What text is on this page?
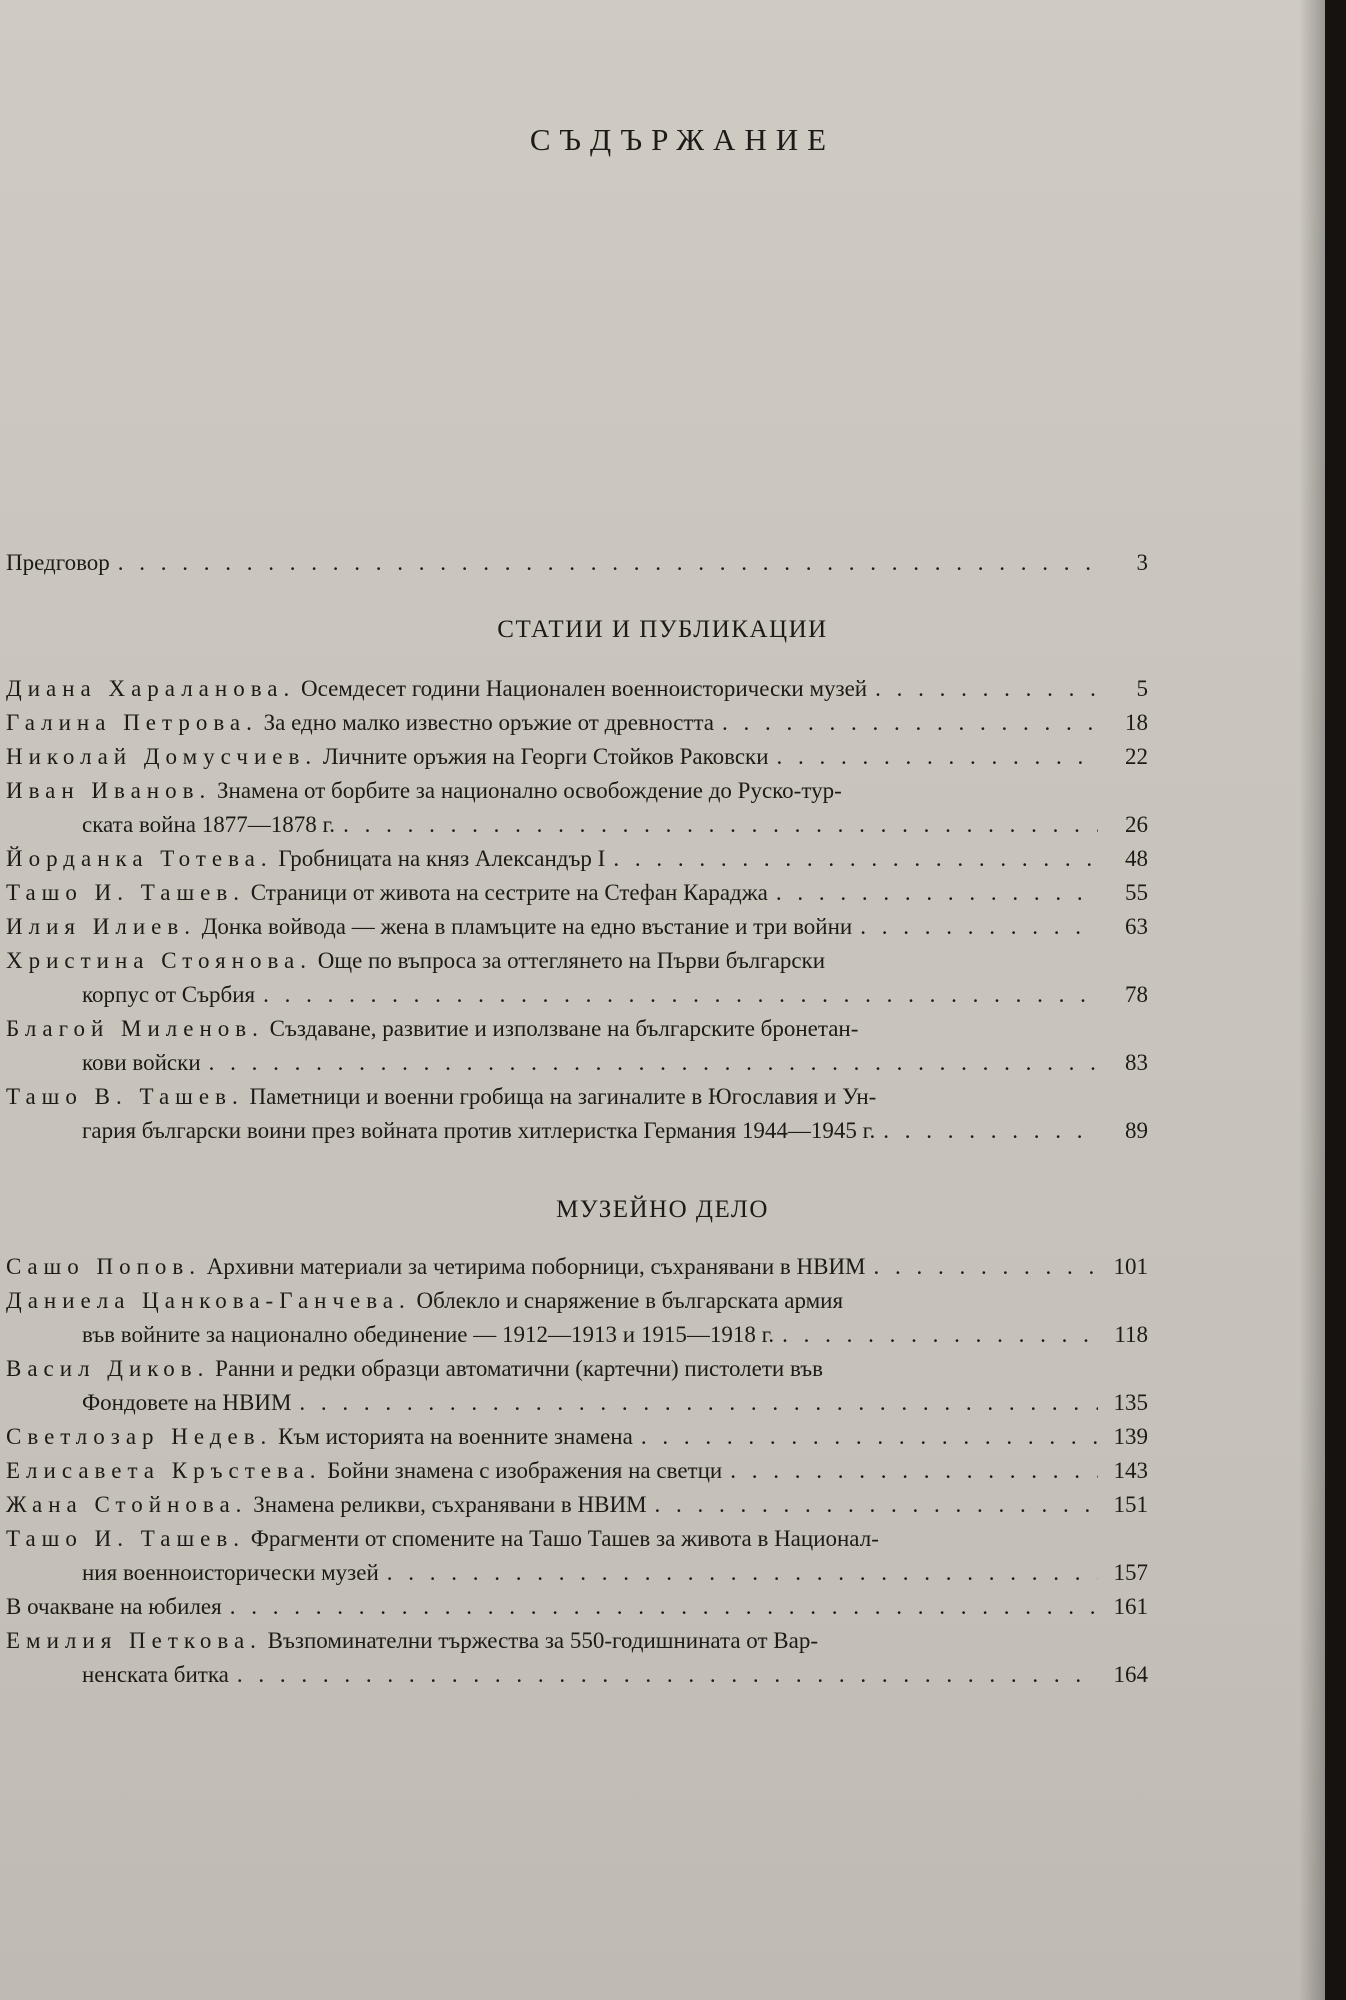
СЪДЪРЖАНИЕ
Предговор . . .	3
СТАТИИ И ПУБЛИКАЦИИ
МУЗЕЙНО ДЕЛО
Диана Хараланова.
Осемдесет години Национален военноисторически музей . . .	5
Галина Петрова.
За едно малко известно оръжие от древността . . .	18
Николай Домусчиев.
Личните оръжия на Георги Стойков Раковски . . .	22
Иван Иванов.
Знамена от борбите за национално освобождение до Руско-тур-
ската война 1877—1878 г. . . .	26
Йорданка Тотева.
Гробницата на княз Александър I . . .	48
Ташо И. Ташев.
Страници от живота на сестрите на Стефан Караджа . . .	55
Илия Илиев.
Донка войвода — жена в пламъците на едно въстание и три войни . . .	63
Христина Стоянова.
Още по въпроса за оттеглянето на Първи български
корпус от Сърбия . . .	78
Благой Миленов.
Създаване, развитие и използване на българските бронетан-
кови войски . . .	83
Ташо В. Ташев.
Паметници и военни гробища на загиналите в Югославия и Ун-
гария български воини през войната против хитлеристка Германия 1944—1945 г. . . .	89
Сашо Попов.
Архивни материали за четирима поборници, съхранявани в НВИМ . . .	101
Даниела Цанкова-Ганчева.
Облекло и снаряжение в българската армия
във войните за национално обединение — 1912—1913 и 1915—1918 г. . . .	118
Васил Диков.
Ранни и редки образци автоматични (картечни) пистолети във
Фондовете на НВИМ . . .	135
Светлозар Недев.
Към историята на военните знамена . . .	139
Елисавета Кръстева.
Бойни знамена с изображения на светци . . .	143
Жана Стойнова.
Знамена реликви, съхранявани в НВИМ . . .	151
Ташо И. Ташев.
Фрагменти от спомените на Ташо Ташев за живота в Национал-
ния военноисторически музей . . .	157
В очакване на юбилея . . .	161
Емилия Петкова.
Възпоминателни тържества за 550-годишнината от Вар-
ненската битка . . .	164
